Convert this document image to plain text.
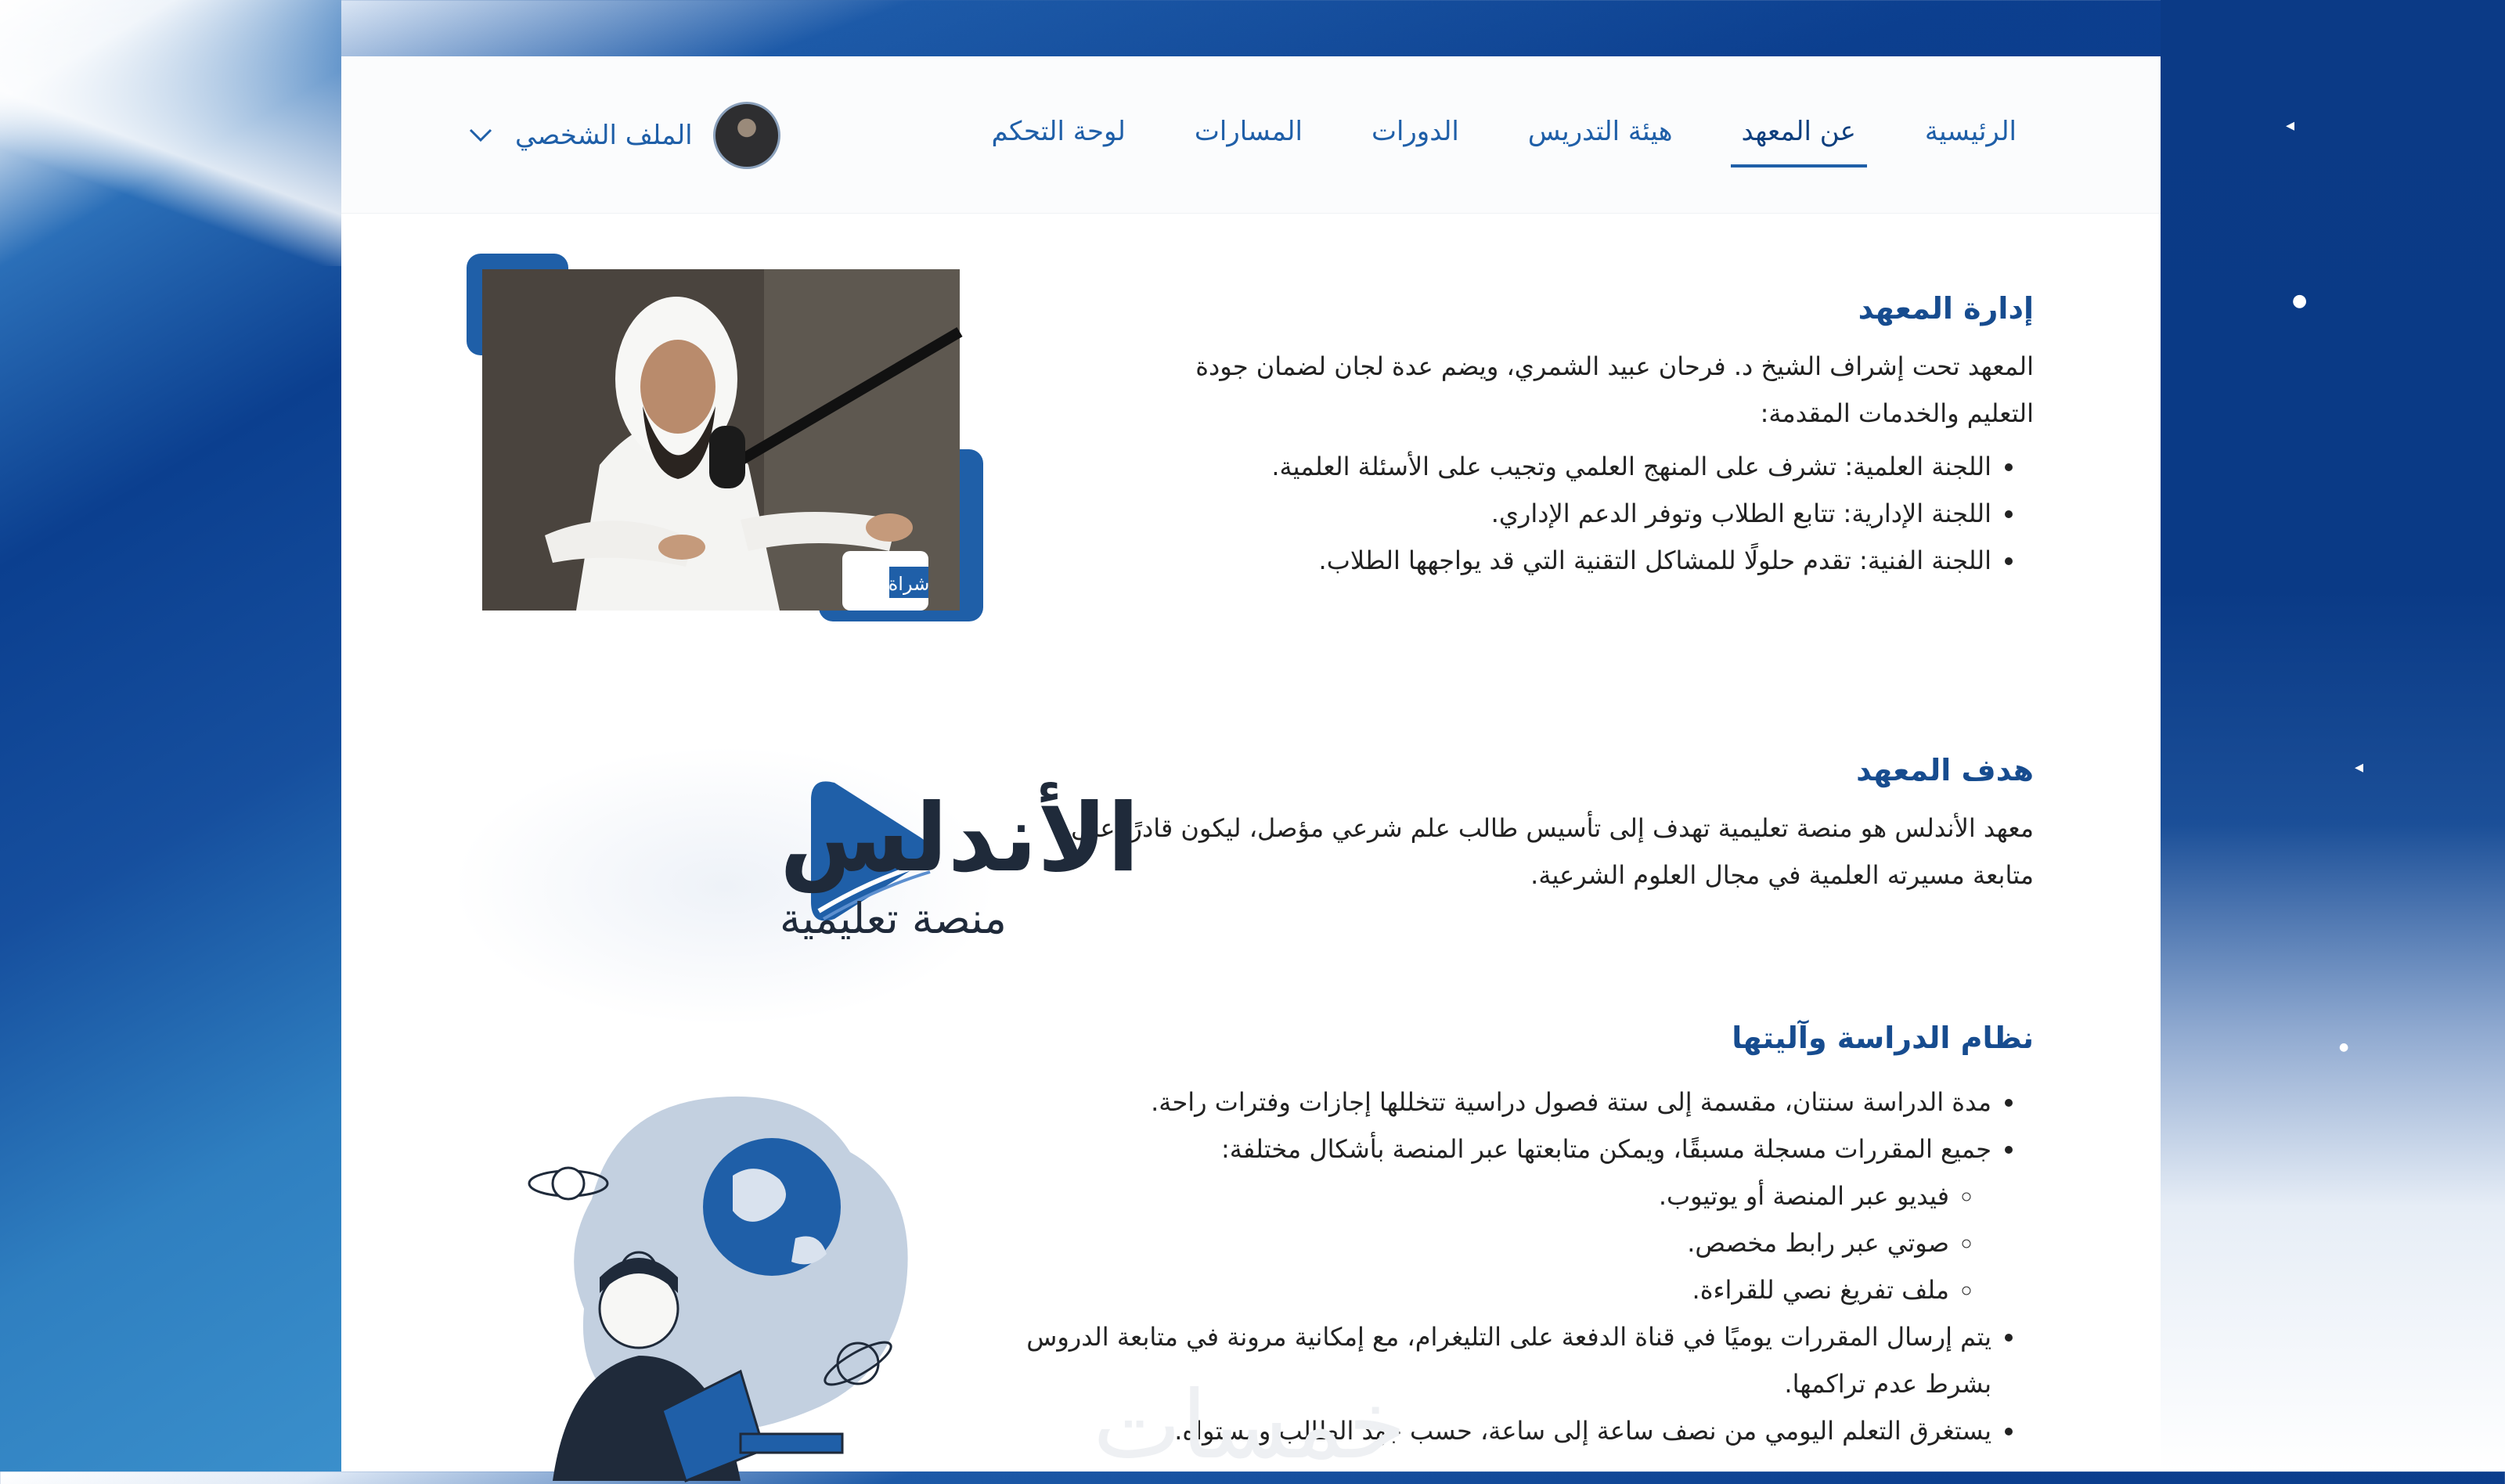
◂
●
◂
●
الرئيسية
عن المعهد
هيئة التدريس
الدورات
المسارات
لوحة التحكم
الملف الشخصي
إدارة المعهد

المعهد تحت إشراف الشيخ د. فرحان عبيد الشمري، ويضم عدة لجان لضمان جودة التعليم والخدمات المقدمة:

• اللجنة العلمية: تشرف على المنهج العلمي وتجيب على الأسئلة العلمية.
• اللجنة الإدارية: تتابع الطلاب وتوفر الدعم الإداري.
• اللجنة الفنية: تقدم حلولًا للمشاكل التقنية التي قد يواجهها الطلاب.
شراة
هدف المعهد

معهد الأندلس هو منصة تعليمية تهدف إلى تأسيس طالب علم شرعي مؤصل، ليكون قادرًا على متابعة مسيرته العلمية في مجال العلوم الشرعية.

الأندلس
منصة تعليمية
نظام الدراسة وآليتها
• مدة الدراسة سنتان، مقسمة إلى ستة فصول دراسية تتخللها إجازات وفترات راحة.
• جميع المقررات مسجلة مسبقًا، ويمكن متابعتها عبر المنصة بأشكال مختلفة:
◦ فيديو عبر المنصة أو يوتيوب.
◦ صوتي عبر رابط مخصص.
◦ ملف تفريغ نصي للقراءة.
• يتم إرسال المقررات يوميًا في قناة الدفعة على التليغرام، مع إمكانية مرونة في متابعة الدروس بشرط عدم تراكمها.
• يستغرق التعلم اليومي من نصف ساعة إلى ساعة، حسب جهد الطالب ومستواه.
خمسات
